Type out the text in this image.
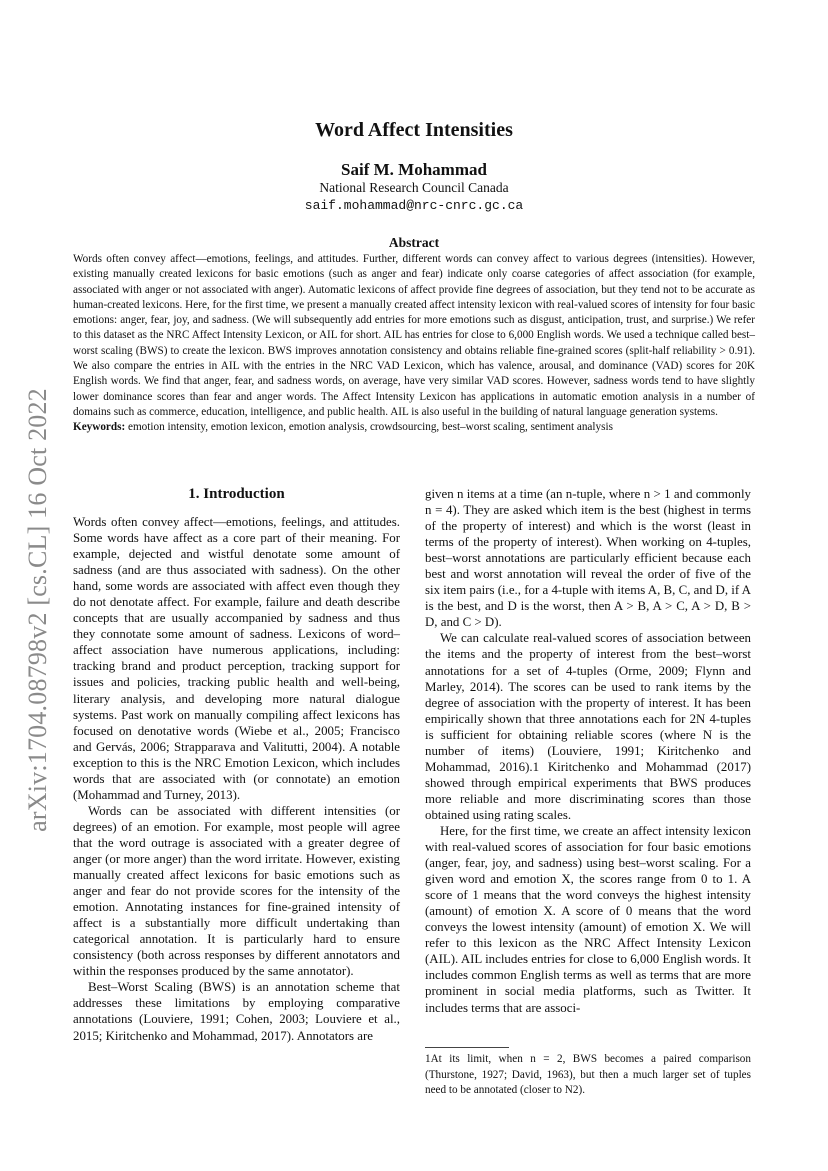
arXiv:1704.08798v2 [cs.CL] 16 Oct 2022
Word Affect Intensities
Saif M. Mohammad
National Research Council Canada
saif.mohammad@nrc-cnrc.gc.ca
Abstract

Words often convey affect—emotions, feelings, and attitudes. Further, different words can convey affect to various degrees (intensities). However, existing manually created lexicons for basic emotions (such as anger and fear) indicate only coarse categories of affect association (for example, associated with anger or not associated with anger). Automatic lexicons of affect provide fine degrees of association, but they tend not to be accurate as human-created lexicons. Here, for the first time, we present a manually created affect intensity lexicon with real-valued scores of intensity for four basic emotions: anger, fear, joy, and sadness. (We will subsequently add entries for more emotions such as disgust, anticipation, trust, and surprise.) We refer to this dataset as the NRC Affect Intensity Lexicon, or AIL for short. AIL has entries for close to 6,000 English words. We used a technique called best–worst scaling (BWS) to create the lexicon. BWS improves annotation consistency and obtains reliable fine-grained scores (split-half reliability > 0.91). We also compare the entries in AIL with the entries in the NRC VAD Lexicon, which has valence, arousal, and dominance (VAD) scores for 20K English words. We find that anger, fear, and sadness words, on average, have very similar VAD scores. However, sadness words tend to have slightly lower dominance scores than fear and anger words. The Affect Intensity Lexicon has applications in automatic emotion analysis in a number of domains such as commerce, education, intelligence, and public health. AIL is also useful in the building of natural language generation systems.

Keywords: emotion intensity, emotion lexicon, emotion analysis, crowdsourcing, best–worst scaling, sentiment analysis

1. Introduction

Words often convey affect—emotions, feelings, and attitudes. Some words have affect as a core part of their meaning. For example, dejected and wistful denotate some amount of sadness (and are thus associated with sadness). On the other hand, some words are associated with affect even though they do not denotate affect. For example, failure and death describe concepts that are usually accompanied by sadness and thus they connotate some amount of sadness. Lexicons of word–affect association have numerous applications, including: tracking brand and product perception, tracking support for issues and policies, tracking public health and well-being, literary analysis, and developing more natural dialogue systems. Past work on manually compiling affect lexicons has focused on denotative words (Wiebe et al., 2005; Francisco and Gervás, 2006; Strapparava and Valitutti, 2004). A notable exception to this is the NRC Emotion Lexicon, which includes words that are associated with (or connotate) an emotion (Mohammad and Turney, 2013).

Words can be associated with different intensities (or degrees) of an emotion. For example, most people will agree that the word outrage is associated with a greater degree of anger (or more anger) than the word irritate. However, existing manually created affect lexicons for basic emotions such as anger and fear do not provide scores for the intensity of the emotion. Annotating instances for fine-grained intensity of affect is a substantially more difficult undertaking than categorical annotation. It is particularly hard to ensure consistency (both across responses by different annotators and within the responses produced by the same annotator).

Best–Worst Scaling (BWS) is an annotation scheme that addresses these limitations by employing comparative annotations (Louviere, 1991; Cohen, 2003; Louviere et al., 2015; Kiritchenko and Mohammad, 2017). Annotators are

given n items at a time (an n-tuple, where n > 1 and commonly n = 4). They are asked which item is the best (highest in terms of the property of interest) and which is the worst (least in terms of the property of interest). When working on 4-tuples, best–worst annotations are particularly efficient because each best and worst annotation will reveal the order of five of the six item pairs (i.e., for a 4-tuple with items A, B, C, and D, if A is the best, and D is the worst, then A > B, A > C, A > D, B > D, and C > D).

We can calculate real-valued scores of association between the items and the property of interest from the best–worst annotations for a set of 4-tuples (Orme, 2009; Flynn and Marley, 2014). The scores can be used to rank items by the degree of association with the property of interest. It has been empirically shown that three annotations each for 2N 4-tuples is sufficient for obtaining reliable scores (where N is the number of items) (Louviere, 1991; Kiritchenko and Mohammad, 2016).1 Kiritchenko and Mohammad (2017) showed through empirical experiments that BWS produces more reliable and more discriminating scores than those obtained using rating scales.

Here, for the first time, we create an affect intensity lexicon with real-valued scores of association for four basic emotions (anger, fear, joy, and sadness) using best–worst scaling. For a given word and emotion X, the scores range from 0 to 1. A score of 1 means that the word conveys the highest intensity (amount) of emotion X. A score of 0 means that the word conveys the lowest intensity (amount) of emotion X. We will refer to this lexicon as the NRC Affect Intensity Lexicon (AIL). AIL includes entries for close to 6,000 English words. It includes common English terms as well as terms that are more prominent in social media platforms, such as Twitter. It includes terms that are associ-

1At its limit, when n = 2, BWS becomes a paired comparison (Thurstone, 1927; David, 1963), but then a much larger set of tuples need to be annotated (closer to N2).
